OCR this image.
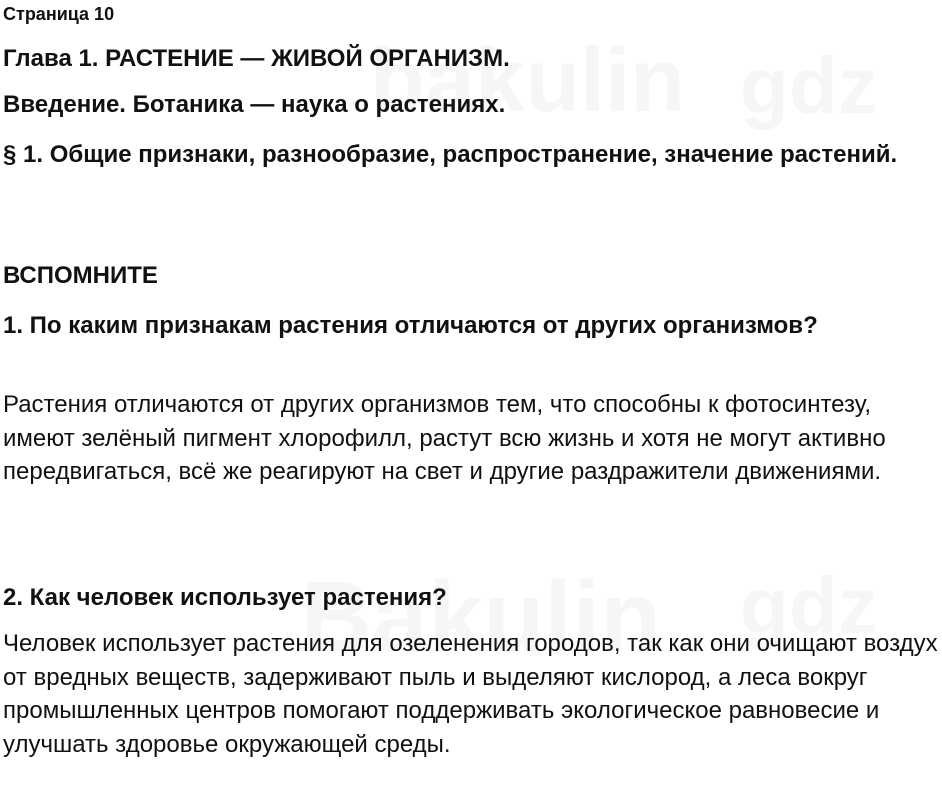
Страница 10
Глава 1. РАСТЕНИЕ — ЖИВОЙ ОРГАНИЗМ.
Введение. Ботаника — наука о растениях.
§ 1. Общие признаки, разнообразие, распространение, значение растений.
ВСПОМНИТЕ
1. По каким признакам растения отличаются от других организмов?
Растения отличаются от других организмов тем, что способны к фотосинтезу, имеют зелёный пигмент хлорофилл, растут всю жизнь и хотя не могут активно передвигаться, всё же реагируют на свет и другие раздражители движениями.
2. Как человек использует растения?
Человек использует растения для озеленения городов, так как они очищают воздух от вредных веществ, задерживают пыль и выделяют кислород, а леса вокруг промышленных центров помогают поддерживать экологическое равновесие и улучшать здоровье окружающей среды.
